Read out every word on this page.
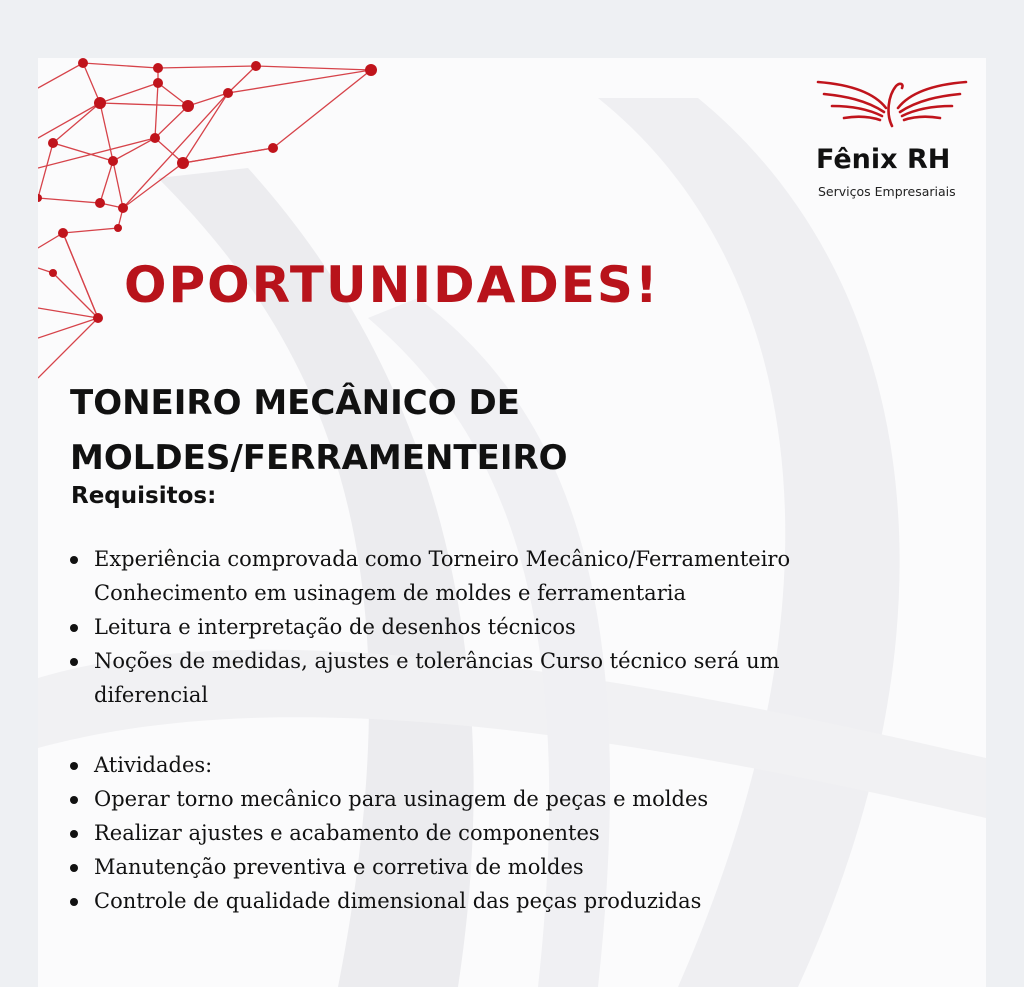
Fênix RH
Serviços Empresariais
OPORTUNIDADES!
TONEIRO MECÂNICO DE
MOLDES/FERRAMENTEIRO
Requisitos:
Experiência comprovada como Torneiro Mecânico/Ferramenteiro
Conhecimento em usinagem de moldes e ferramentaria
Leitura e interpretação de desenhos técnicos
Noções de medidas, ajustes e tolerâncias Curso técnico será um
diferencial
Atividades:
Operar torno mecânico para usinagem de peças e moldes
Realizar ajustes e acabamento de componentes
Manutenção preventiva e corretiva de moldes
Controle de qualidade dimensional das peças produzidas
